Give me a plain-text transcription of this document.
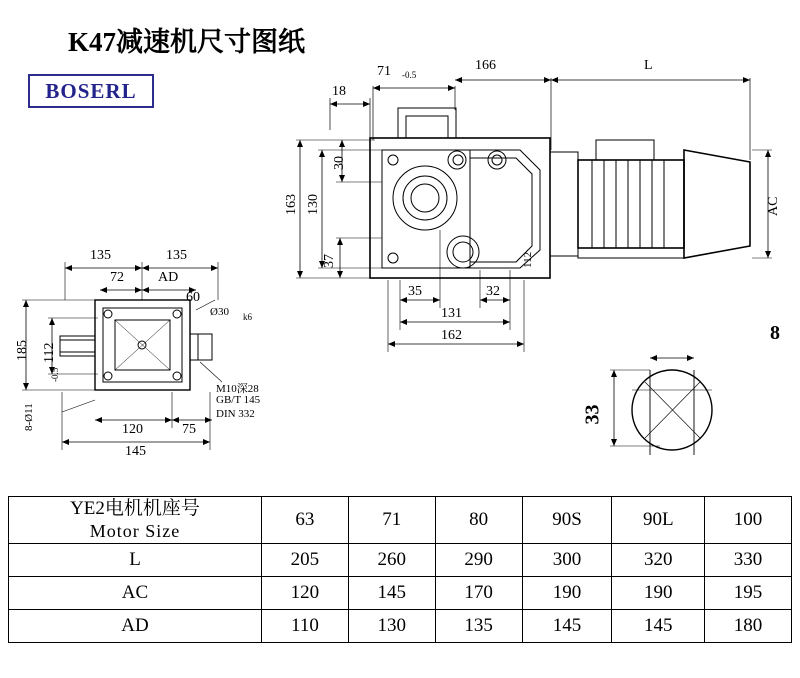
K47减速机尺寸图纸
BOSERL
71 -0.5
166	L
18
30
163 130
37	112
35	32
131
162
AC
135	135
72 AD
60
Ø30 k6
185 112
-0.5
8-Ø11	120	75
145
M10深28
GB/T 145
DIN 332
8
33
YE2电机机座号
Motor Size	63	71	80	90S	90L	100
L	205	260	290	300	320	330
AC	120	145	170	190	190	195
AD	110	130	135	145	145	180
